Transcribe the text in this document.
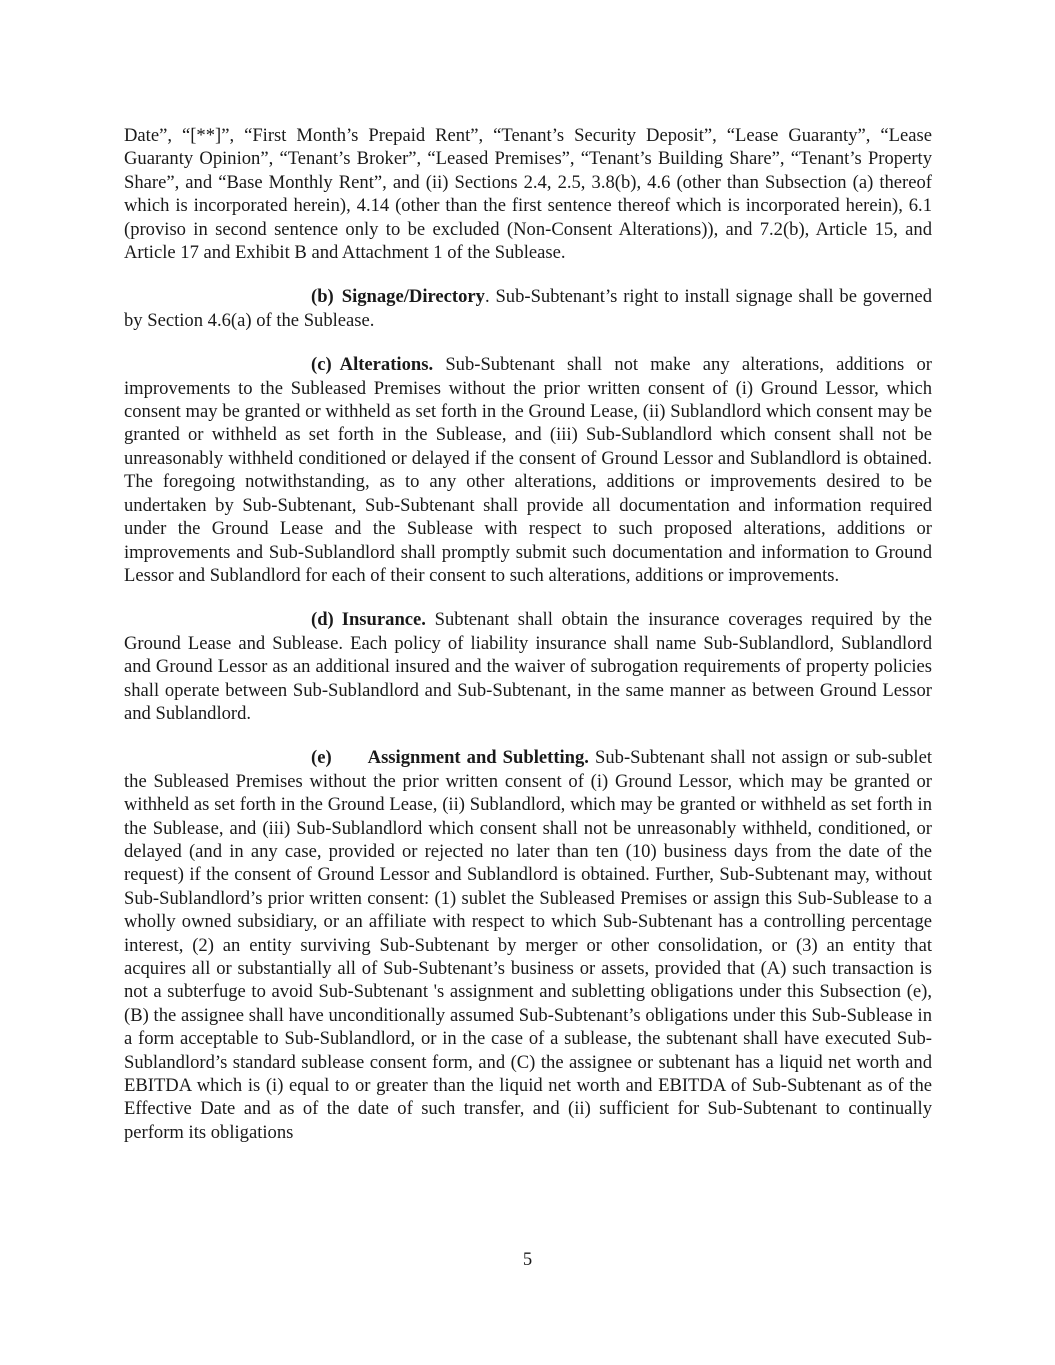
Date”, “[**]”, “First Month’s Prepaid Rent”, “Tenant’s Security Deposit”, “Lease Guaranty”, “Lease Guaranty Opinion”, “Tenant’s Broker”, “Leased Premises”, “Tenant’s Building Share”, “Tenant’s Property Share”, and “Base Monthly Rent”, and (ii) Sections 2.4, 2.5, 3.8(b), 4.6 (other than Subsection (a) thereof which is incorporated herein), 4.14 (other than the first sentence thereof which is incorporated herein), 6.1 (proviso in second sentence only to be excluded (Non-Consent Alterations)), and 7.2(b), Article 15, and Article 17 and Exhibit B and Attachment 1 of the Sublease.

(b) Signage/Directory. Sub-Subtenant’s right to install signage shall be governed by Section 4.6(a) of the Sublease.

(c) Alterations. Sub-Subtenant shall not make any alterations, additions or improvements to the Subleased Premises without the prior written consent of (i) Ground Lessor, which consent may be granted or withheld as set forth in the Ground Lease, (ii) Sublandlord which consent may be granted or withheld as set forth in the Sublease, and (iii) Sub-Sublandlord which consent shall not be unreasonably withheld conditioned or delayed if the consent of Ground Lessor and Sublandlord is obtained. The foregoing notwithstanding, as to any other alterations, additions or improvements desired to be undertaken by Sub-Subtenant, Sub-Subtenant shall provide all documentation and information required under the Ground Lease and the Sublease with respect to such proposed alterations, additions or improvements and Sub-Sublandlord shall promptly submit such documentation and information to Ground Lessor and Sublandlord for each of their consent to such alterations, additions or improvements.

(d) Insurance. Subtenant shall obtain the insurance coverages required by the Ground Lease and Sublease. Each policy of liability insurance shall name Sub-Sublandlord, Sublandlord and Ground Lessor as an additional insured and the waiver of subrogation requirements of property policies shall operate between Sub-Sublandlord and Sub-Subtenant, in the same manner as between Ground Lessor and Sublandlord.

(e) Assignment and Subletting. Sub-Subtenant shall not assign or sub-sublet the Subleased Premises without the prior written consent of (i) Ground Lessor, which may be granted or withheld as set forth in the Ground Lease, (ii) Sublandlord, which may be granted or withheld as set forth in the Sublease, and (iii) Sub-Sublandlord which consent shall not be unreasonably withheld, conditioned, or delayed (and in any case, provided or rejected no later than ten (10) business days from the date of the request) if the consent of Ground Lessor and Sublandlord is obtained. Further, Sub-Subtenant may, without Sub-Sublandlord’s prior written consent: (1) sublet the Subleased Premises or assign this Sub-Sublease to a wholly owned subsidiary, or an affiliate with respect to which Sub-Subtenant has a controlling percentage interest, (2) an entity surviving Sub-Subtenant by merger or other consolidation, or (3) an entity that acquires all or substantially all of Sub-Subtenant’s business or assets, provided that (A) such transaction is not a subterfuge to avoid Sub-Subtenant 's assignment and subletting obligations under this Subsection (e), (B) the assignee shall have unconditionally assumed Sub-Subtenant’s obligations under this Sub-Sublease in a form acceptable to Sub-Sublandlord, or in the case of a sublease, the subtenant shall have executed Sub-Sublandlord’s standard sublease consent form, and (C) the assignee or subtenant has a liquid net worth and EBITDA which is (i) equal to or greater than the liquid net worth and EBITDA of Sub-Subtenant as of the Effective Date and as of the date of such transfer, and (ii) sufficient for Sub-Subtenant to continually perform its obligations

5
